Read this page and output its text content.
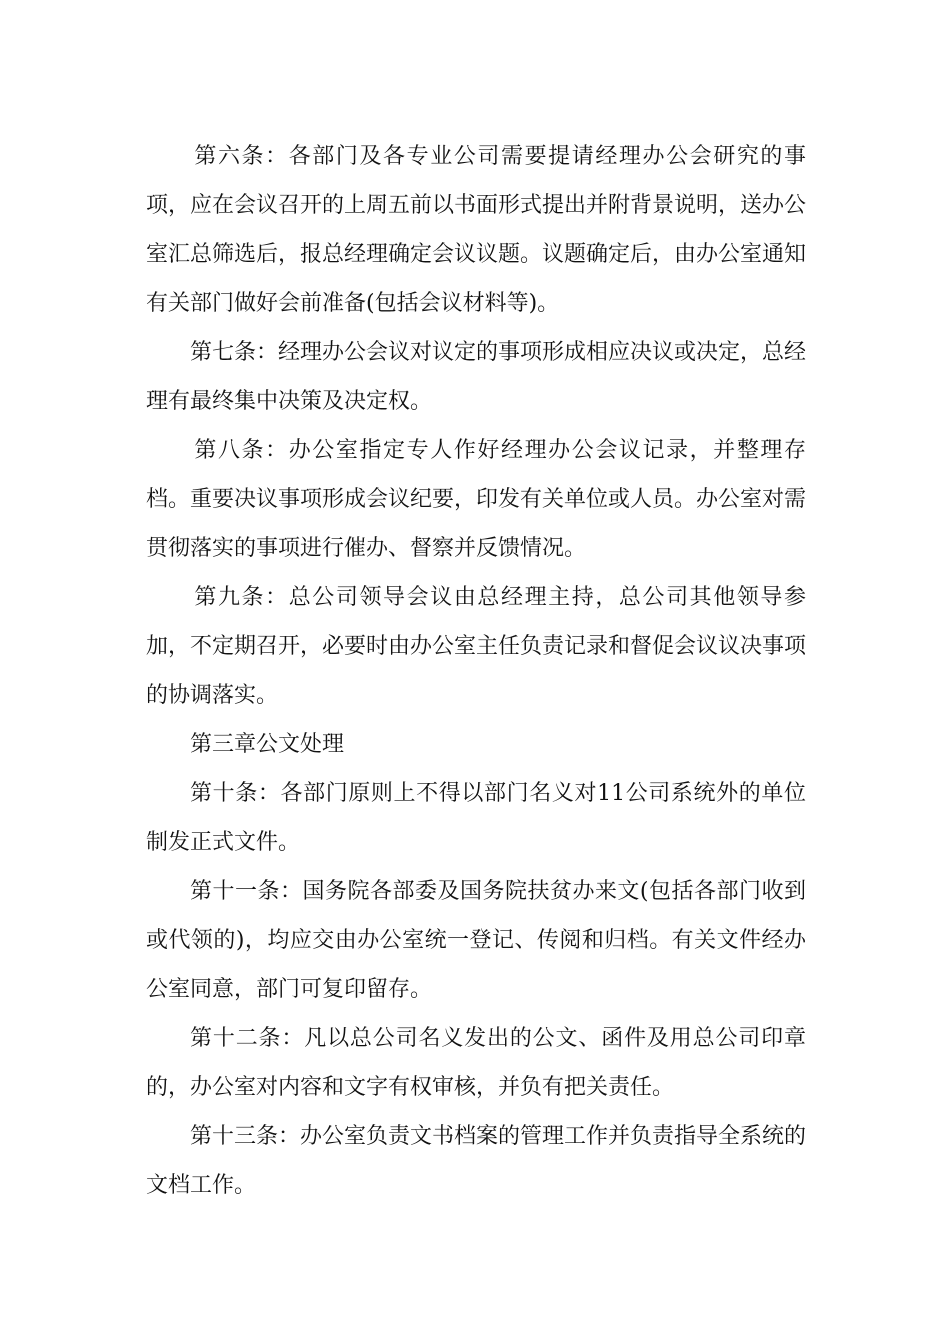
第六条：各部门及各专业公司需要提请经理办公会研究的事项，应在会议召开的上周五前以书面形式提出并附背景说明，送办公室汇总筛选后，报总经理确定会议议题。议题确定后，由办公室通知有关部门做好会前准备(包括会议材料等)。

第七条：经理办公会议对议定的事项形成相应决议或决定，总经理有最终集中决策及决定权。

第八条：办公室指定专人作好经理办公会议记录，并整理存档。重要决议事项形成会议纪要，印发有关单位或人员。办公室对需贯彻落实的事项进行催办、督察并反馈情况。

第九条：总公司领导会议由总经理主持，总公司其他领导参加，不定期召开，必要时由办公室主任负责记录和督促会议议决事项的协调落实。

第三章公文处理

第十条：各部门原则上不得以部门名义对11公司系统外的单位制发正式文件。

第十一条：国务院各部委及国务院扶贫办来文(包括各部门收到或代领的)，均应交由办公室统一登记、传阅和归档。有关文件经办公室同意，部门可复印留存。

第十二条：凡以总公司名义发出的公文、函件及用总公司印章的，办公室对内容和文字有权审核，并负有把关责任。

第十三条：办公室负责文书档案的管理工作并负责指导全系统的文档工作。
